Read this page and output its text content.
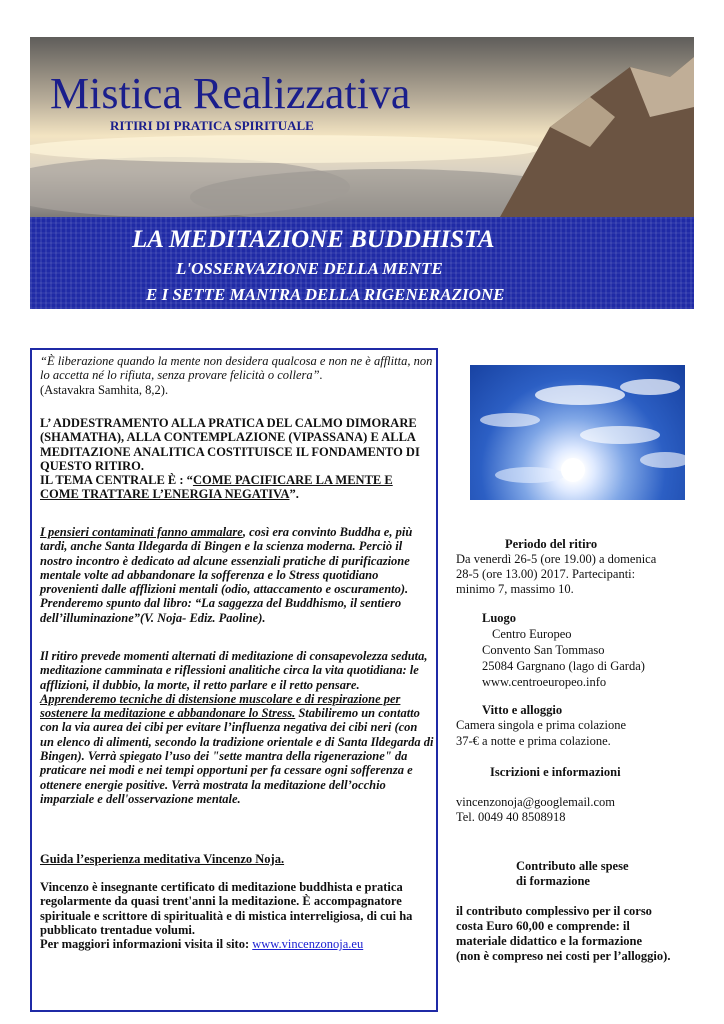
Mistica Realizzativa
RITIRI DI PRATICA SPIRITUALE
LA MEDITAZIONE BUDDHISTA
L'OSSERVAZIONE DELLA MENTE
E I SETTE MANTRA DELLA RIGENERAZIONE

“È liberazione quando la mente non desidera qualcosa e non ne è afflitta, non lo accetta né lo rifiuta, senza provare felicità o collera”.

(Astavakra Samhita, 8,2).

L’ ADDESTRAMENTO ALLA PRATICA DEL CALMO DIMORARE (SHAMATHA), ALLA CONTEMPLAZIONE (VIPASSANA) E ALLA MEDITAZIONE ANALITICA COSTITUISCE IL FONDAMENTO DI QUESTO RITIRO.

IL TEMA CENTRALE È : “COME PACIFICARE LA MENTE E COME TRATTARE L’ENERGIA NEGATIVA”.

I pensieri contaminati fanno ammalare, così era convinto Buddha e, più tardi, anche Santa Ildegarda di Bingen e la scienza moderna. Perciò il nostro incontro è dedicato ad alcune essenziali pratiche di purificazione mentale volte ad abbandonare la sofferenza e lo Stress quotidiano provenienti dalle afflizioni mentali (odio, attaccamento e oscuramento). Prenderemo spunto dal libro: “La saggezza del Buddhismo, il sentiero dell’illuminazione”(V. Noja- Ediz. Paoline).

Il ritiro prevede momenti alternati di meditazione di consapevolezza seduta, meditazione camminata e riflessioni analitiche circa la vita quotidiana: le afflizioni, il dubbio, la morte, il retto parlare e il retto pensare. Apprenderemo tecniche di distensione muscolare e di respirazione per sostenere la meditazione e abbandonare lo Stress. Stabiliremo un contatto con la via aurea dei cibi per evitare l’influenza negativa dei cibi neri (con un elenco di alimenti, secondo la tradizione orientale e di Santa Ildegarda di Bingen). Verrà spiegato l’uso dei "sette mantra della rigenerazione" da praticare nei modi e nei tempi opportuni per fa cessare ogni sofferenza e ottenere energie positive. Verrà mostrata la meditazione dell’occhio imparziale e dell'osservazione mentale.

Guida l’esperienza meditativa Vincenzo Noja.

Vincenzo è insegnante certificato di meditazione buddhista e pratica regolarmente da quasi trent'anni la meditazione. È accompagnatore spirituale e scrittore di spiritualità e di mistica interreligiosa, di cui ha pubblicato trentadue volumi.

Per maggiori informazioni visita il sito: www.vincenzonoja.eu

Periodo del ritiro
Da venerdì 26-5 (ore 19.00) a domenica
28-5 (ore 13.00) 2017. Partecipanti:
minimo 7, massimo 10.
Luogo
Centro Europeo
Convento San Tommaso
25084 Gargnano (lago di Garda)
www.centroeuropeo.info
Vitto e alloggio
Camera singola e prima colazione
37-€ a notte e prima colazione.
Iscrizioni e informazioni
vincenzonoja@googlemail.com
Tel. 0049 40 8508918
Contributo alle spese
di formazione
il contributo complessivo per il corso
costa Euro 60,00 e comprende: il
materiale didattico e la formazione
(non è compreso nei costi per l’alloggio).
